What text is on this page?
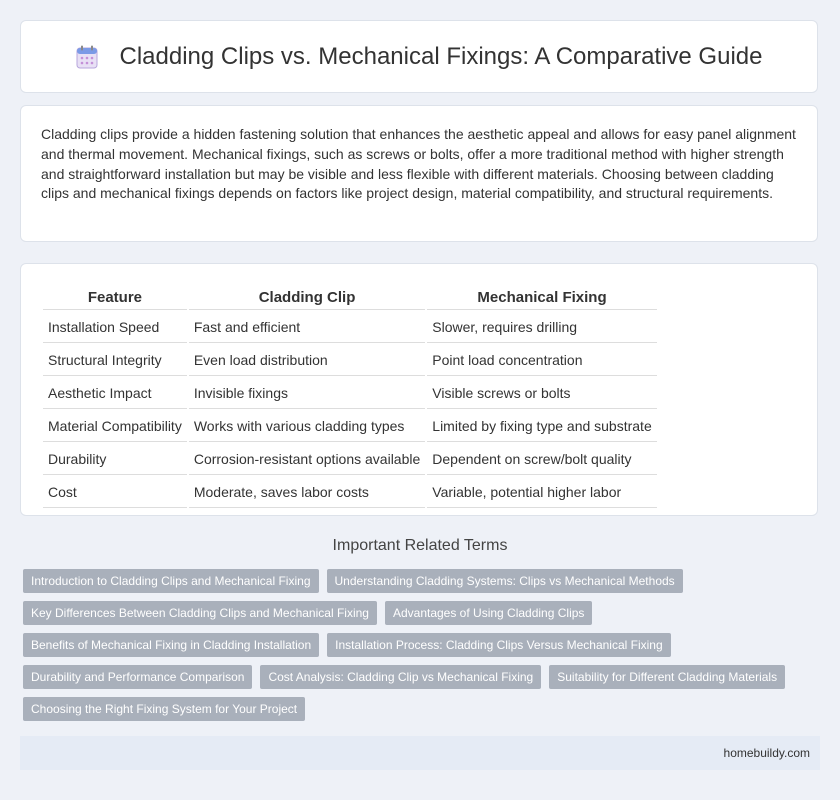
Cladding Clips vs. Mechanical Fixings: A Comparative Guide

Cladding clips provide a hidden fastening solution that enhances the aesthetic appeal and allows for easy panel alignment and thermal movement. Mechanical fixings, such as screws or bolts, offer a more traditional method with higher strength and straightforward installation but may be visible and less flexible with different materials. Choosing between cladding clips and mechanical fixings depends on factors like project design, material compatibility, and structural requirements.

Feature	Cladding Clip	Mechanical Fixing
Installation Speed	Fast and efficient	Slower, requires drilling
Structural Integrity	Even load distribution	Point load concentration
Aesthetic Impact	Invisible fixings	Visible screws or bolts
Material Compatibility	Works with various cladding types	Limited by fixing type and substrate
Durability	Corrosion-resistant options available	Dependent on screw/bolt quality
Cost	Moderate, saves labor costs	Variable, potential higher labor
Important Related Terms
Introduction to Cladding Clips and Mechanical Fixing	Understanding Cladding Systems: Clips vs Mechanical Methods
Key Differences Between Cladding Clips and Mechanical Fixing	Advantages of Using Cladding Clips
Benefits of Mechanical Fixing in Cladding Installation	Installation Process: Cladding Clips Versus Mechanical Fixing
Durability and Performance Comparison	Cost Analysis: Cladding Clip vs Mechanical Fixing	Suitability for Different Cladding Materials
Choosing the Right Fixing System for Your Project
homebuildy.com
